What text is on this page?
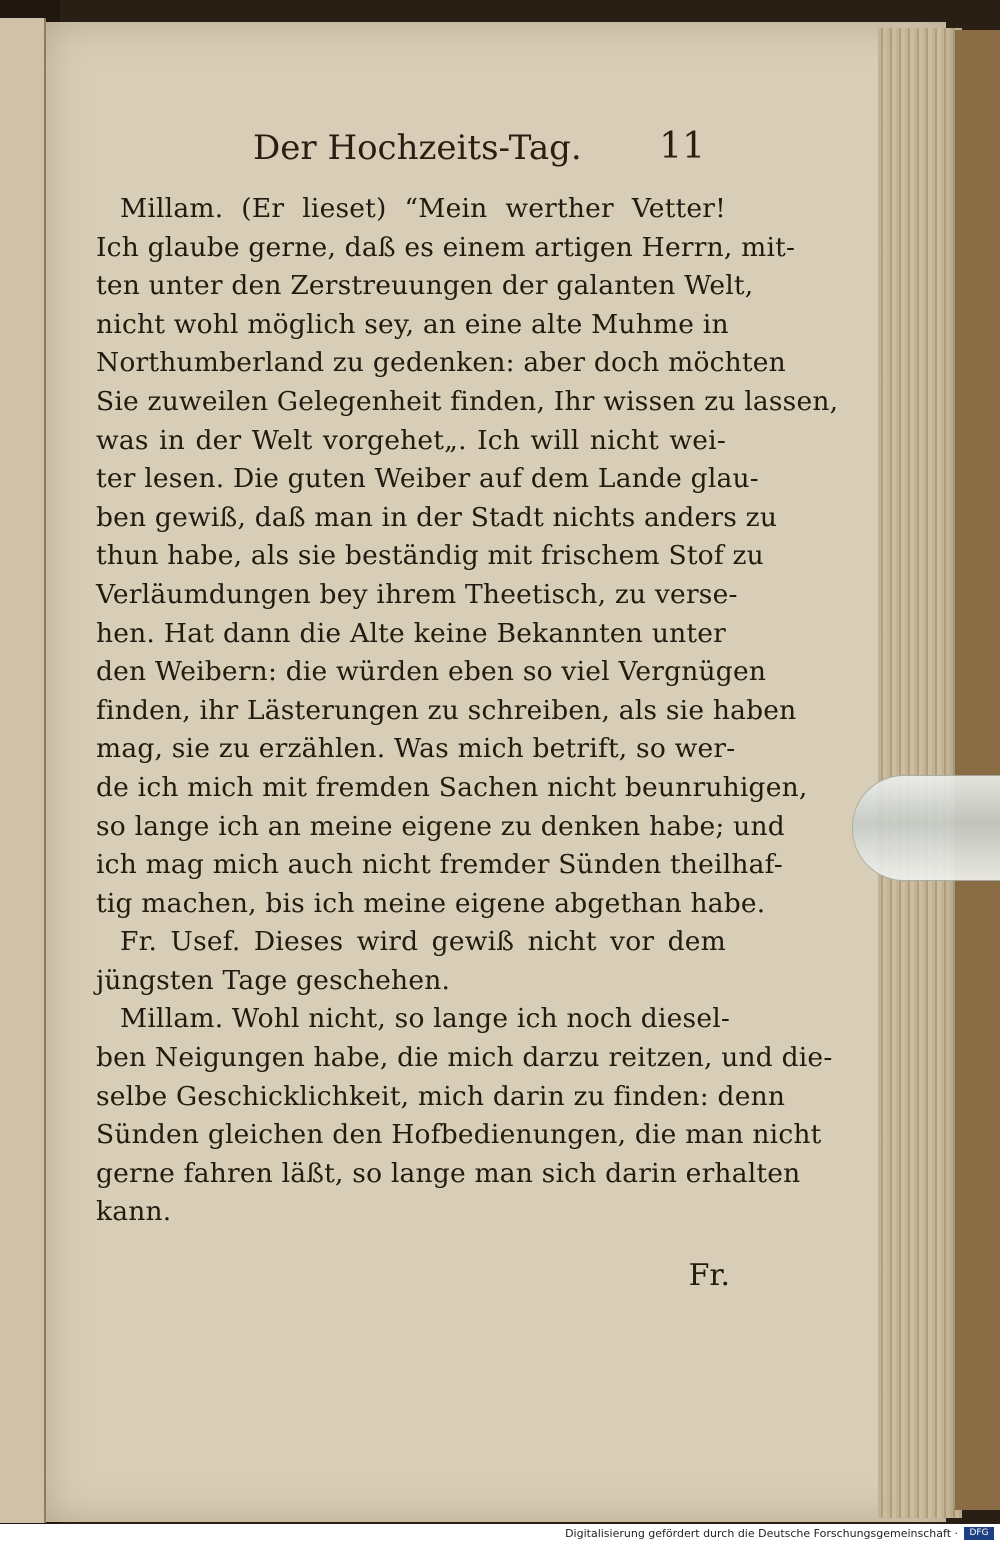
Der Hochzeits-Tag. 11
Millam. (Er lieset) “Mein werther Vetter!
Ich glaube gerne, daß es einem artigen Herrn, mit-
ten unter den Zerstreuungen der galanten Welt,
nicht wohl möglich sey, an eine alte Muhme in
Northumberland zu gedenken: aber doch möchten
Sie zuweilen Gelegenheit finden, Ihr wissen zu lassen,
was in der Welt vorgehet„. Ich will nicht wei-
ter lesen. Die guten Weiber auf dem Lande glau-
ben gewiß, daß man in der Stadt nichts anders zu
thun habe, als sie beständig mit frischem Stof zu
Verläumdungen bey ihrem Theetisch, zu verse-
hen. Hat dann die Alte keine Bekannten unter
den Weibern: die würden eben so viel Vergnügen
finden, ihr Lästerungen zu schreiben, als sie haben
mag, sie zu erzählen. Was mich betrift, so wer-
de ich mich mit fremden Sachen nicht beunruhigen,
so lange ich an meine eigene zu denken habe; und
ich mag mich auch nicht fremder Sünden theilhaf-
tig machen, bis ich meine eigene abgethan habe.
Fr. Usef. Dieses wird gewiß nicht vor dem
jüngsten Tage geschehen.
Millam. Wohl nicht, so lange ich noch diesel-
ben Neigungen habe, die mich darzu reitzen, und die-
selbe Geschicklichkeit, mich darin zu finden: denn
Sünden gleichen den Hofbedienungen, die man nicht
gerne fahren läßt, so lange man sich darin erhalten
kann.
Fr.
Digitalisierung gefördert durch die Deutsche Forschungsgemeinschaft ·	DFG
